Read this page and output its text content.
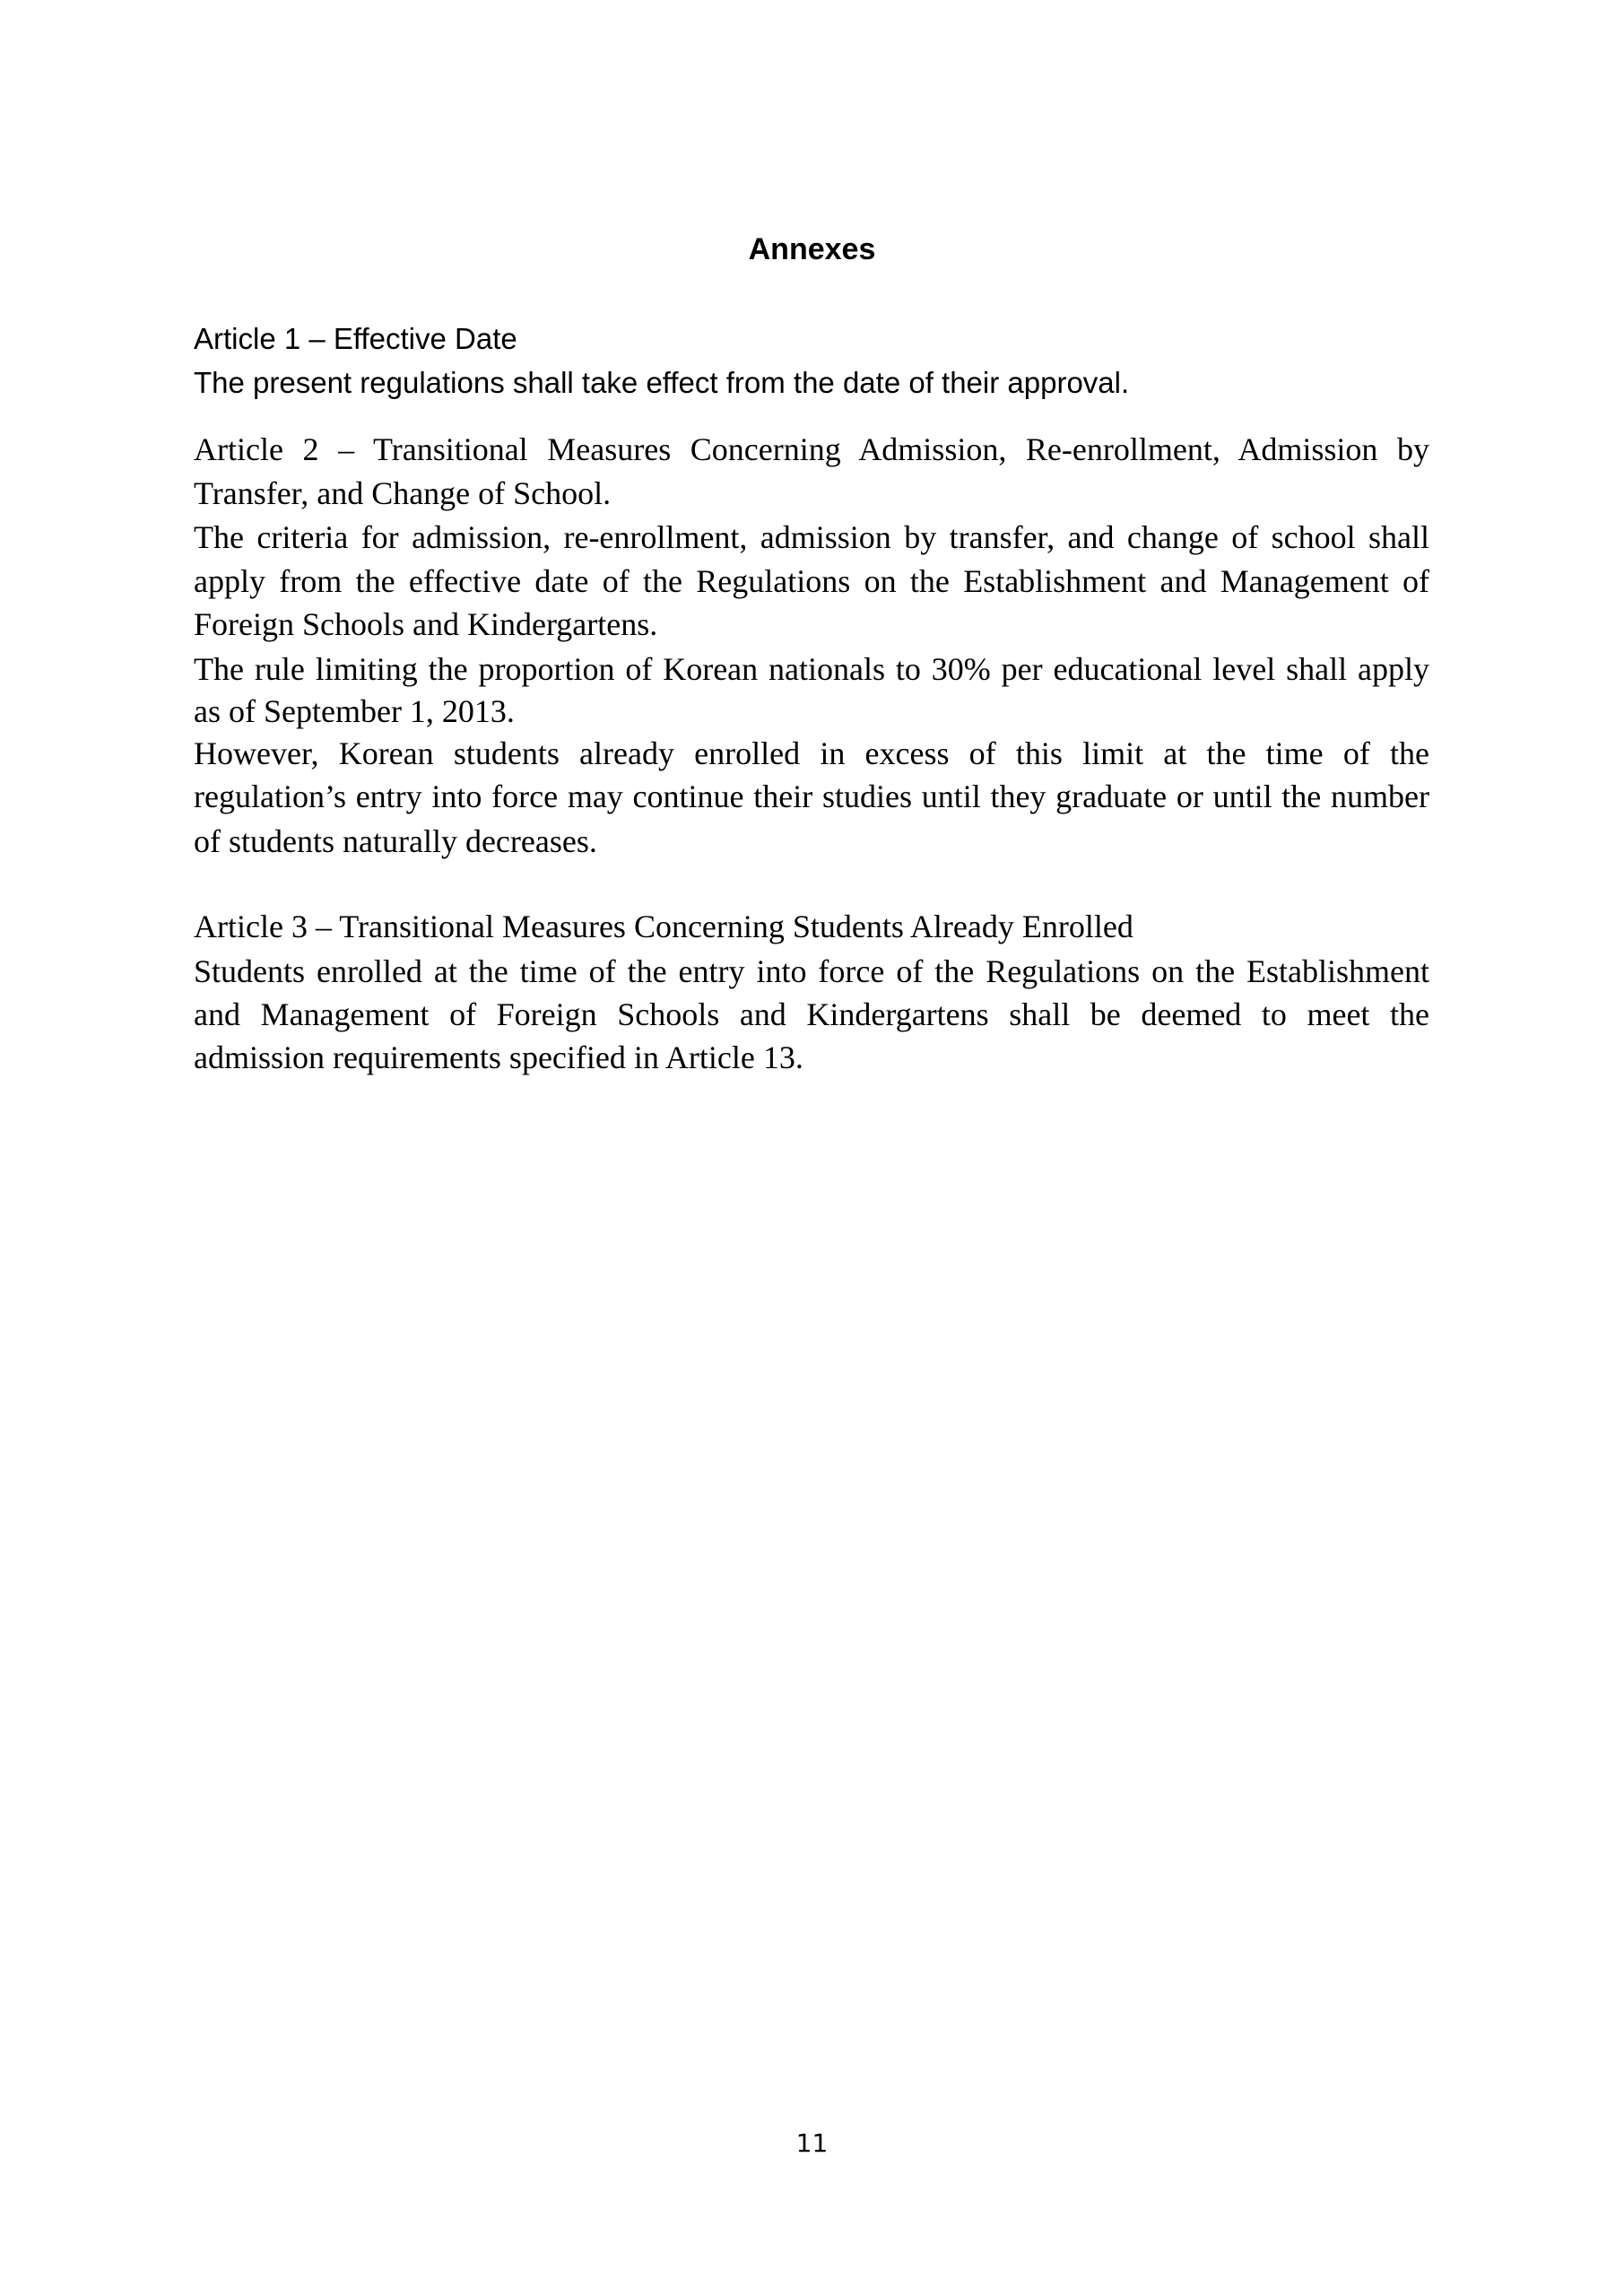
Annexes
Article 1 – Effective Date
The present regulations shall take effect from the date of their approval.
Article 2 – Transitional Measures Concerning Admission, Re-enrollment, Admission by
Transfer, and Change of School.
The criteria for admission, re-enrollment, admission by transfer, and change of school shall
apply from the effective date of the Regulations on the Establishment and Management of
Foreign Schools and Kindergartens.
The rule limiting the proportion of Korean nationals to 30% per educational level shall apply
as of September 1, 2013.
However, Korean students already enrolled in excess of this limit at the time of the
regulation’s entry into force may continue their studies until they graduate or until the number
of students naturally decreases.
Article 3 – Transitional Measures Concerning Students Already Enrolled
Students enrolled at the time of the entry into force of the Regulations on the Establishment
and Management of Foreign Schools and Kindergartens shall be deemed to meet the
admission requirements specified in Article 13.
11
